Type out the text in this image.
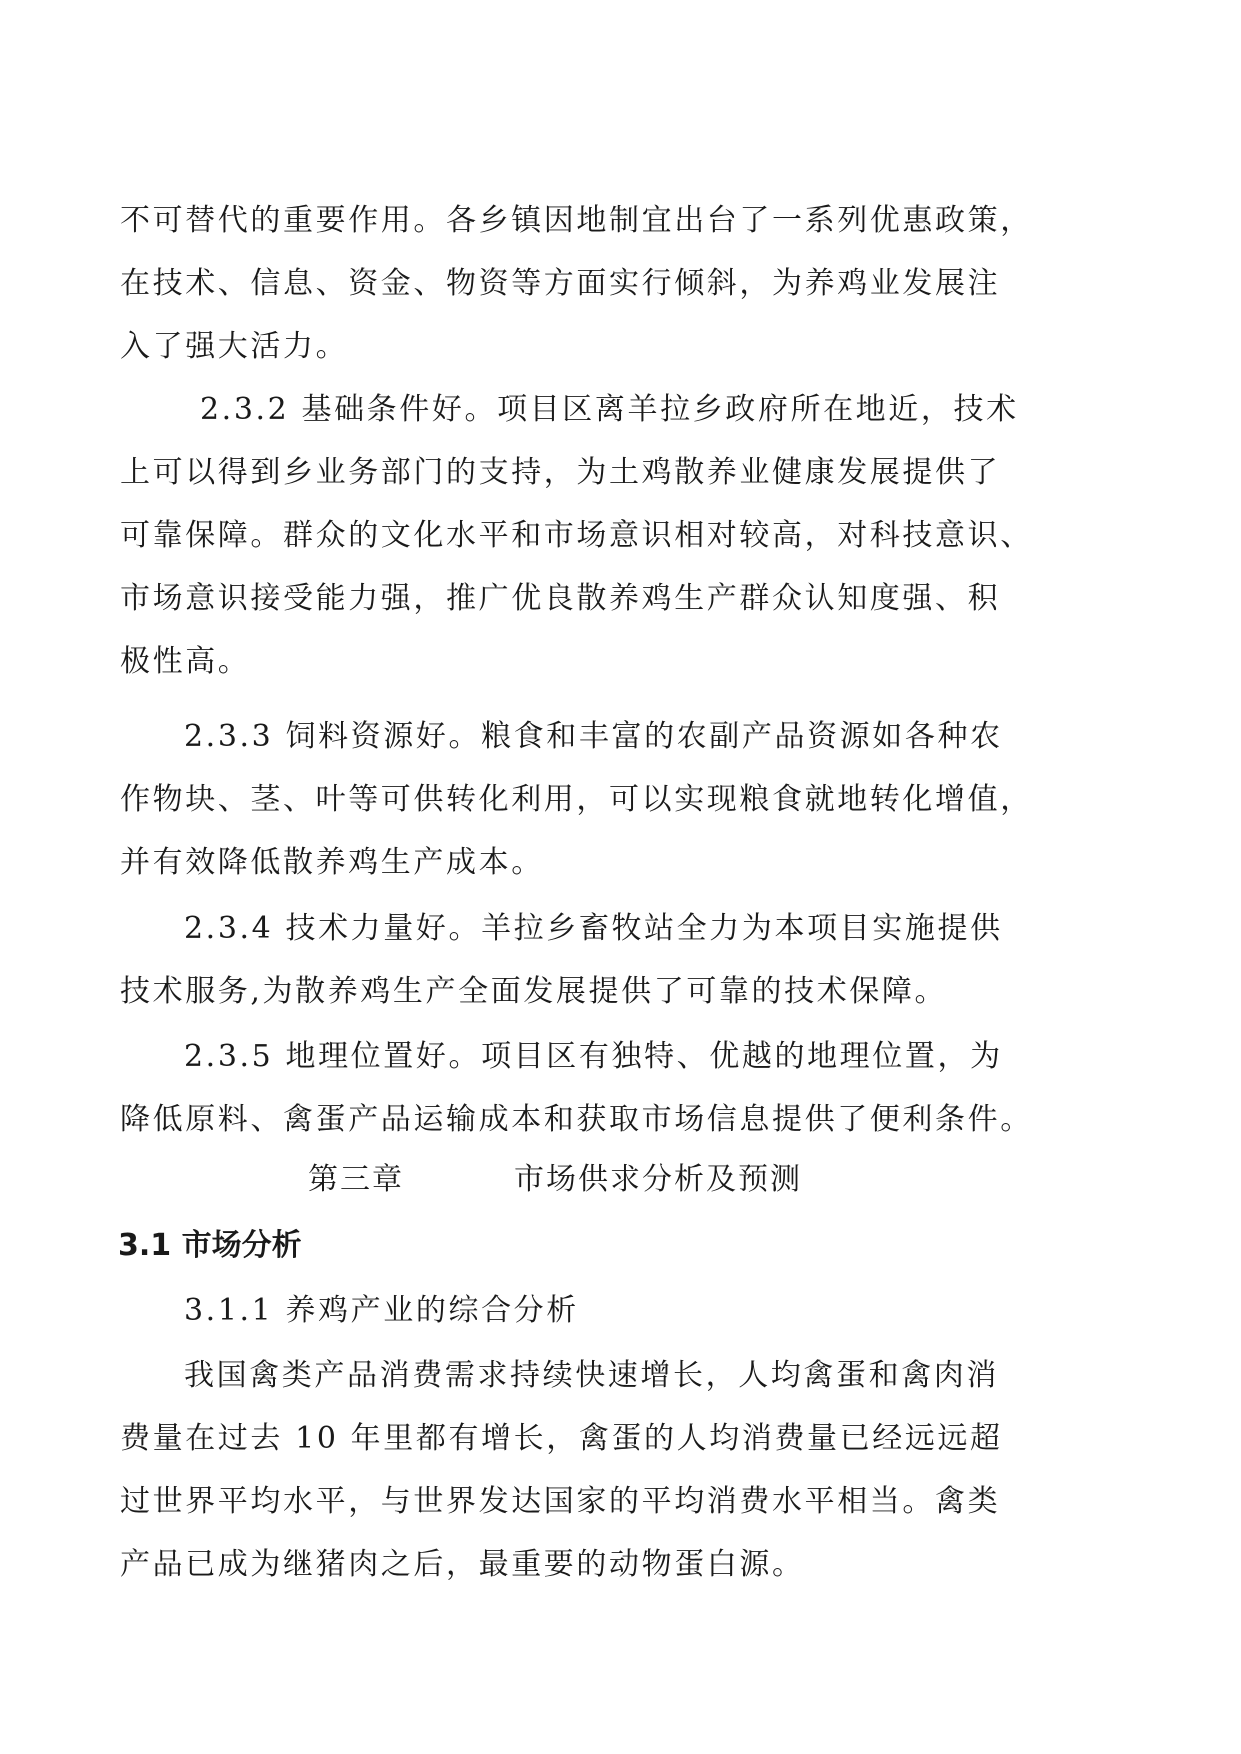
不可替代的重要作用。各乡镇因地制宜出台了一系列优惠政策，
在技术、信息、资金、物资等方面实行倾斜，为养鸡业发展注
入了强大活力。
2.3.2 基础条件好。项目区离羊拉乡政府所在地近，技术
上可以得到乡业务部门的支持，为土鸡散养业健康发展提供了
可靠保障。群众的文化水平和市场意识相对较高，对科技意识、
市场意识接受能力强，推广优良散养鸡生产群众认知度强、积
极性高。
2.3.3 饲料资源好。粮食和丰富的农副产品资源如各种农
作物块、茎、叶等可供转化利用，可以实现粮食就地转化增值，
并有效降低散养鸡生产成本。
2.3.4 技术力量好。羊拉乡畜牧站全力为本项目实施提供
技术服务,为散养鸡生产全面发展提供了可靠的技术保障。
2.3.5 地理位置好。项目区有独特、优越的地理位置，为
降低原料、禽蛋产品运输成本和获取市场信息提供了便利条件。
第三章	市场供求分析及预测
3.1 市场分析
3.1.1 养鸡产业的综合分析
我国禽类产品消费需求持续快速增长，人均禽蛋和禽肉消
费量在过去 10 年里都有增长，禽蛋的人均消费量已经远远超
过世界平均水平，与世界发达国家的平均消费水平相当。禽类
产品已成为继猪肉之后，最重要的动物蛋白源。
